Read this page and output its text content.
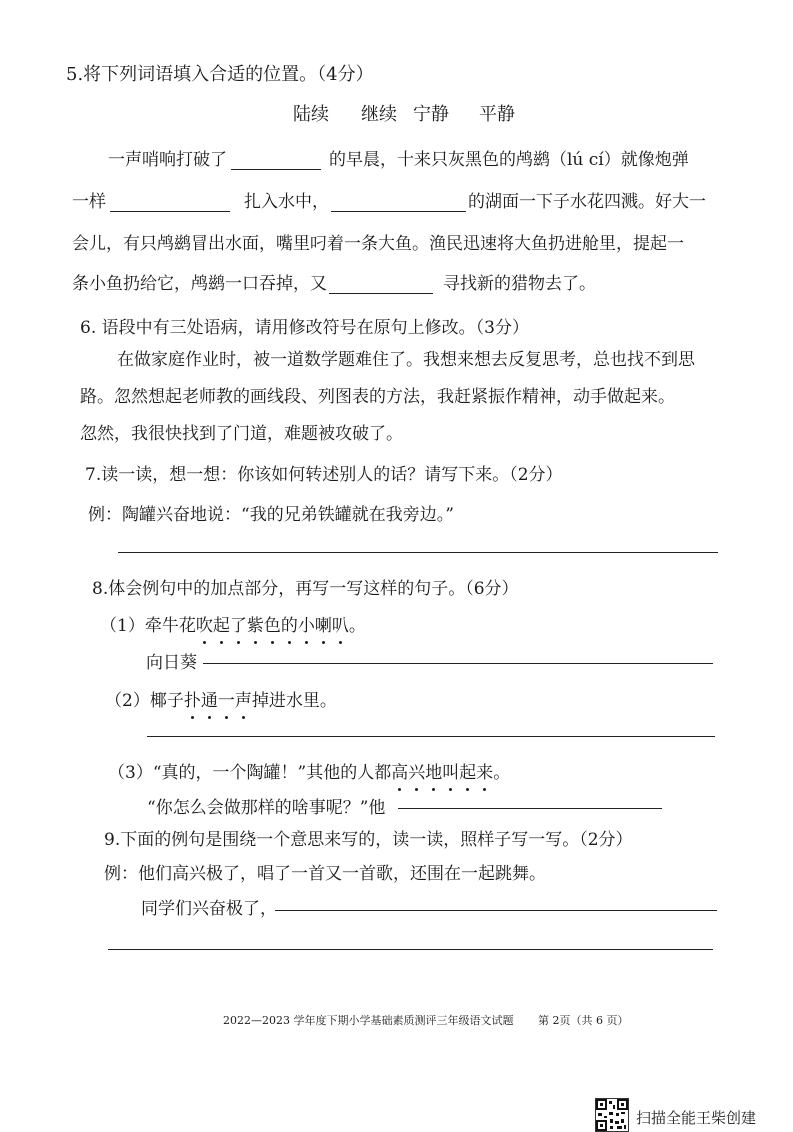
5.将下列词语填入合适的位置。（4分）
陆续 继续 宁静 平静
一声哨响打破了	的早晨，十来只灰黑色的鸬鹚（lú cí）就像炮弹
一样	扎入水中，	的湖面一下子水花四溅。好大一
会儿，有只鸬鹚冒出水面，嘴里叼着一条大鱼。渔民迅速将大鱼扔进舱里，提起一
条小鱼扔给它，鸬鹚一口吞掉，又	寻找新的猎物去了。
6. 语段中有三处语病，请用修改符号在原句上修改。（3分）
在做家庭作业时，被一道数学题难住了。我想来想去反复思考，总也找不到思
路。忽然想起老师教的画线段、列图表的方法，我赶紧振作精神，动手做起来。
忽然，我很快找到了门道，难题被攻破了。
7.读一读，想一想：你该如何转述别人的话？请写下来。（2分）
例：陶罐兴奋地说：“我的兄弟铁罐就在我旁边。”
8.体会例句中的加点部分，再写一写这样的句子。（6分）
（1）牵牛花吹起了紫色的小喇叭。
向日葵
（2）椰子扑通一声掉进水里。
（3）“真的，一个陶罐！”其他的人都高兴地叫起来。
“你怎么会做那样的啥事呢？”他
9.下面的例句是围绕一个意思来写的，读一读，照样子写一写。（2分）
例：他们高兴极了，唱了一首又一首歌，还围在一起跳舞。
同学们兴奋极了，
2022—2023 学年度下期小学基础素质测评三年级语文试题 第 2页（共 6 页）
扫描全能王柴创建
